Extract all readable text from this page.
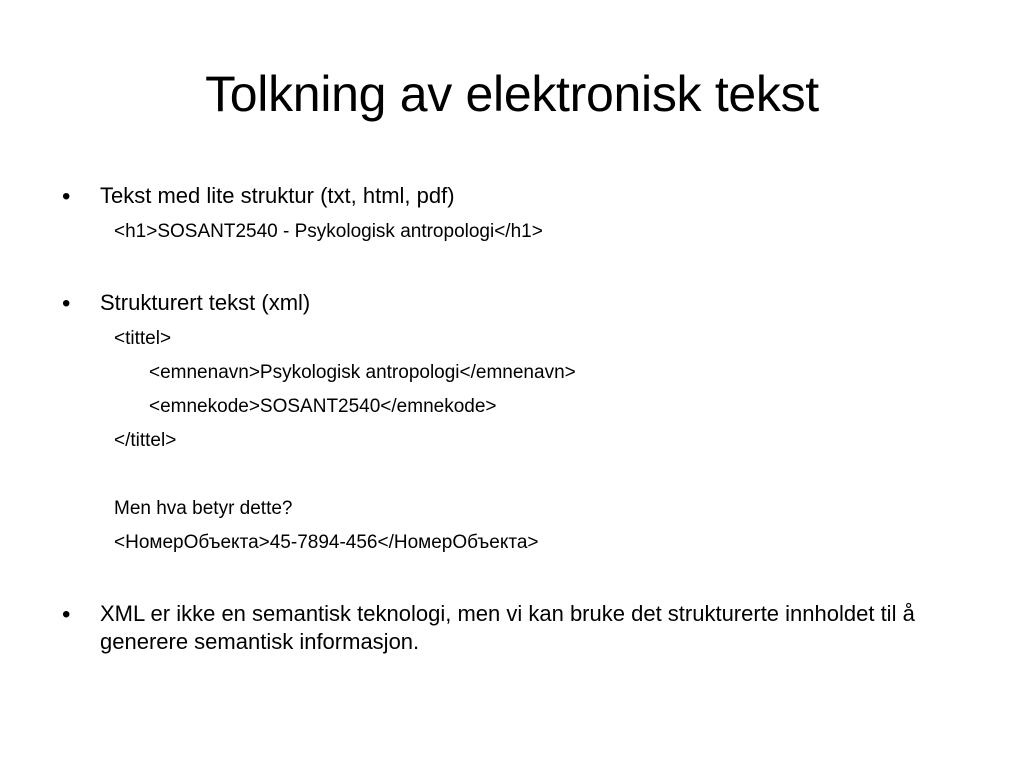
Tolkning av elektronisk tekst
• Tekst med lite struktur (txt, html, pdf)
<h1>SOSANT2540 - Psykologisk antropologi</h1>
• Strukturert tekst (xml)
<tittel>
<emnenavn>Psykologisk antropologi</emnenavn>
<emnekode>SOSANT2540</emnekode>
</tittel>
Men hva betyr dette?
<НомерОбъекта>45-7894-456</НомерОбъекта>
• XML er ikke en semantisk teknologi, men vi kan bruke det strukturerte innholdet til å generere semantisk informasjon.
